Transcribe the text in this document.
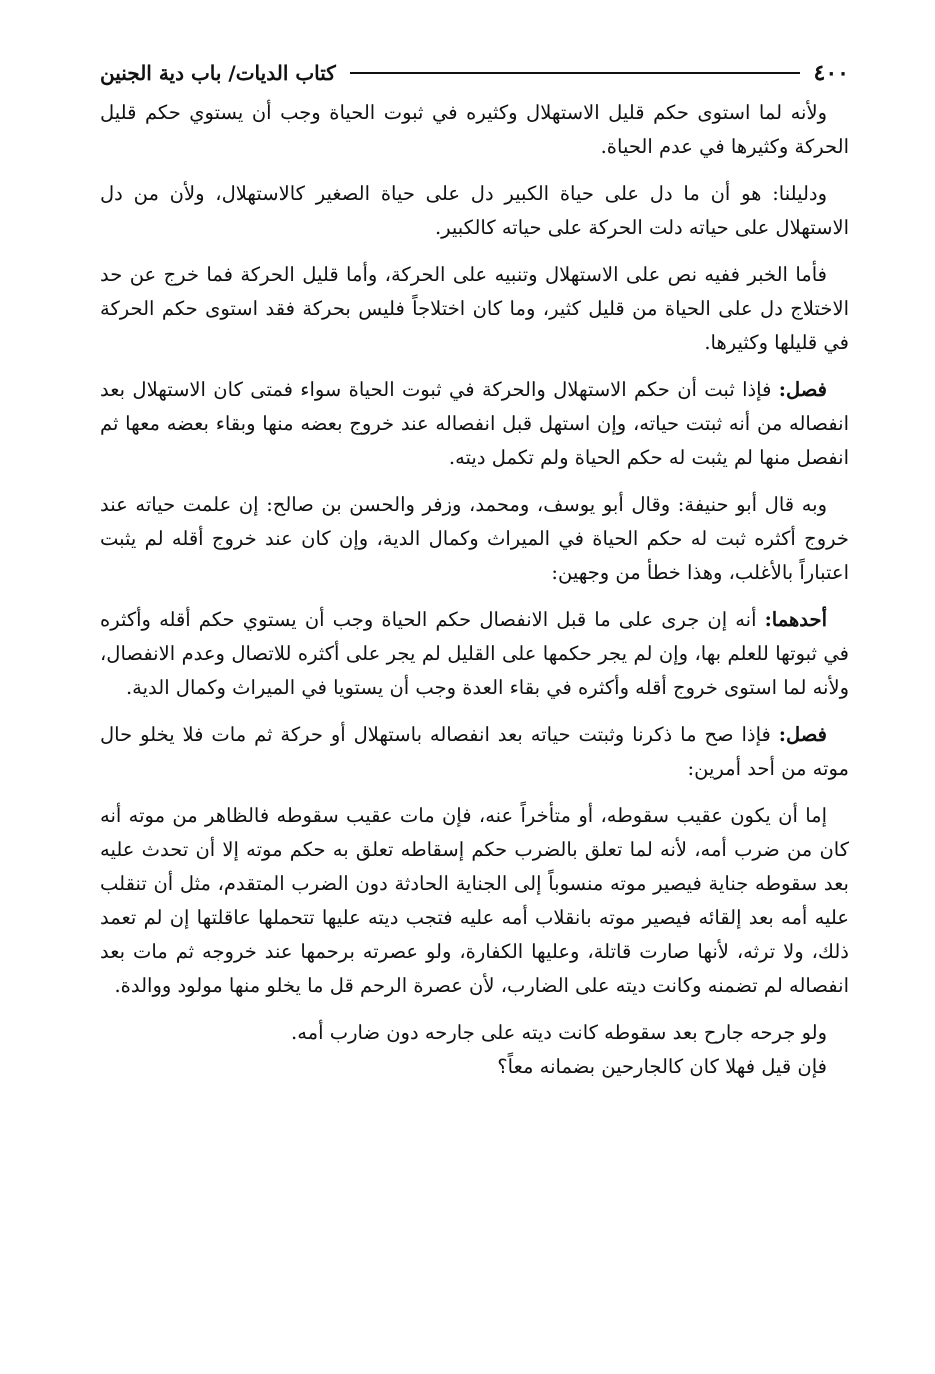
٤٠٠
كتاب الديات/ باب دية الجنين

ولأنه لما استوى حكم قليل الاستهلال وكثيره في ثبوت الحياة وجب أن يستوي حكم قليل الحركة وكثيرها في عدم الحياة.

ودليلنا: هو أن ما دل على حياة الكبير دل على حياة الصغير كالاستهلال، ولأن من دل الاستهلال على حياته دلت الحركة على حياته كالكبير.

فأما الخبر ففيه نص على الاستهلال وتنبيه على الحركة، وأما قليل الحركة فما خرج عن حد الاختلاج دل على الحياة من قليل كثير، وما كان اختلاجاً فليس بحركة فقد استوى حكم الحركة في قليلها وكثيرها.

فصل: فإذا ثبت أن حكم الاستهلال والحركة في ثبوت الحياة سواء فمتى كان الاستهلال بعد انفصاله من أنه ثبتت حياته، وإن استهل قبل انفصاله عند خروج بعضه منها وبقاء بعضه معها ثم انفصل منها لم يثبت له حكم الحياة ولم تكمل ديته.

وبه قال أبو حنيفة: وقال أبو يوسف، ومحمد، وزفر والحسن بن صالح: إن علمت حياته عند خروج أكثره ثبت له حكم الحياة في الميراث وكمال الدية، وإن كان عند خروج أقله لم يثبت اعتباراً بالأغلب، وهذا خطأ من وجهين:

أحدهما: أنه إن جرى على ما قبل الانفصال حكم الحياة وجب أن يستوي حكم أقله وأكثره في ثبوتها للعلم بها، وإن لم يجر حكمها على القليل لم يجر على أكثره للاتصال وعدم الانفصال، ولأنه لما استوى خروج أقله وأكثره في بقاء العدة وجب أن يستويا في الميراث وكمال الدية.

فصل: فإذا صح ما ذكرنا وثبتت حياته بعد انفصاله باستهلال أو حركة ثم مات فلا يخلو حال موته من أحد أمرين:

إما أن يكون عقيب سقوطه، أو متأخراً عنه، فإن مات عقيب سقوطه فالظاهر من موته أنه كان من ضرب أمه، لأنه لما تعلق بالضرب حكم إسقاطه تعلق به حكم موته إلا أن تحدث عليه بعد سقوطه جناية فيصير موته منسوباً إلى الجناية الحادثة دون الضرب المتقدم، مثل أن تنقلب عليه أمه بعد إلقائه فيصير موته بانقلاب أمه عليه فتجب ديته عليها تتحملها عاقلتها إن لم تعمد ذلك، ولا ترثه، لأنها صارت قاتلة، وعليها الكفارة، ولو عصرته برحمها عند خروجه ثم مات بعد انفصاله لم تضمنه وكانت ديته على الضارب، لأن عصرة الرحم قل ما يخلو منها مولود ووالدة.

ولو جرحه جارح بعد سقوطه كانت ديته على جارحه دون ضارب أمه.

فإن قيل فهلا كان كالجارحين بضمانه معاً؟
